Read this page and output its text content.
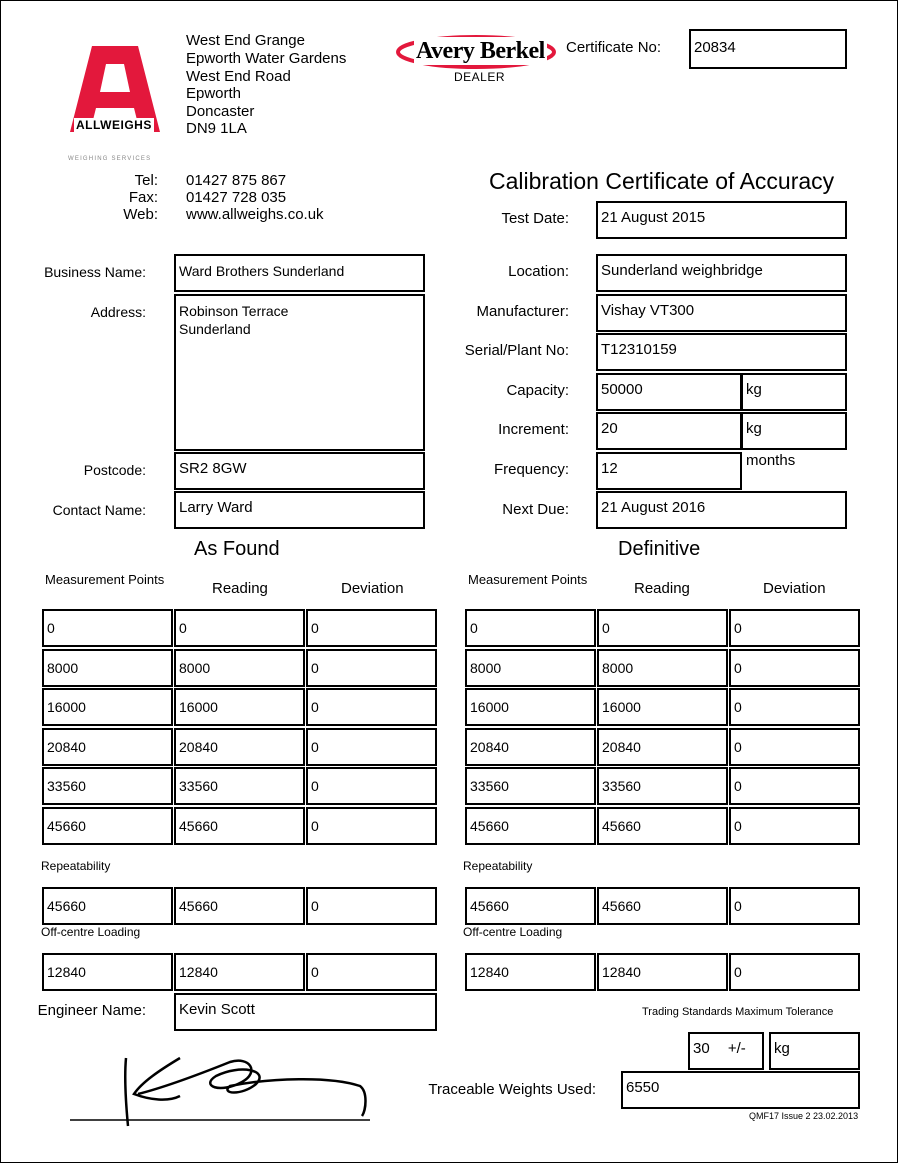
ALLWEIGHS
WEIGHING SERVICES
West End Grange
Epworth Water Gardens
West End Road
Epworth
Doncaster
DN9 1LA
Tel: 01427 875 867
Fax: 01427 728 035
Web: www.allweighs.co.uk
Avery Berkel
DEALER
Certificate No:	20834
Calibration Certificate of Accuracy
Test Date:	21 August 2015
Location:	Sunderland weighbridge
Manufacturer:	Vishay VT300
Serial/Plant No:	T12310159
Capacity:	50000	kg
Increment:	20	kg
Frequency:	12	months
Next Due:	21 August 2016
Business Name:	Ward Brothers Sunderland
Address: Robinson Terrace
Sunderland
Postcode:	SR2 8GW
Contact Name:	Larry Ward
As Found	Definitive
Measurement Points
Reading	Deviation
Measurement Points
Reading	Deviation
Repeatability
Off-centre Loading
Repeatability
Off-centre Loading
Engineer Name:	Kevin Scott	Trading Standards Maximum Tolerance
30 +/-	kg
Traceable Weights Used:	6550
QMF17 Issue 2 23.02.2013
0	0	0
8000	8000	0
16000	16000	0
20840	20840	0
33560	33560	0
45660	45660	0
45660	45660	0
12840	12840	0
0	0	0
8000	8000	0
16000	16000	0
20840	20840	0
33560	33560	0
45660	45660	0
45660	45660	0
12840	12840	0
